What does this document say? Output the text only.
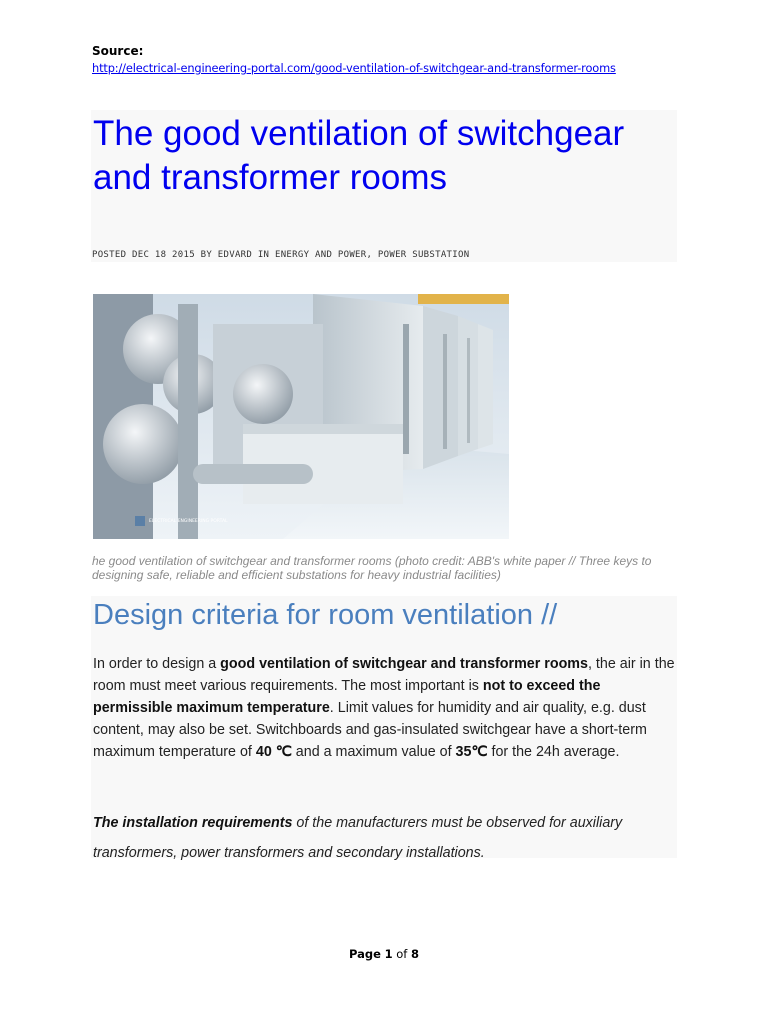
Source:
http://electrical-engineering-portal.com/good-ventilation-of-switchgear-and-transformer-rooms
The good ventilation of switchgear and transformer rooms

POSTED DEC 18 2015 BY EDVARD IN ENERGY AND POWER, POWER SUBSTATION

ELECTRICAL ENGINEERING PORTAL

he good ventilation of switchgear and transformer rooms (photo credit: ABB's white paper // Three keys to designing safe, reliable and efficient substations for heavy industrial facilities)

Design criteria for room ventilation //

In order to design a good ventilation of switchgear and transformer rooms, the air in the room must meet various requirements. The most important is not to exceed the permissible maximum temperature. Limit values for humidity and air quality, e.g. dust content, may also be set. Switchboards and gas-insulated switchgear have a short-term maximum temperature of 40 ℃ and a maximum value of 35℃ for the 24h average.

The installation requirements of the manufacturers must be observed for auxiliary transformers, power transformers and secondary installations.

Page 1 of 8
